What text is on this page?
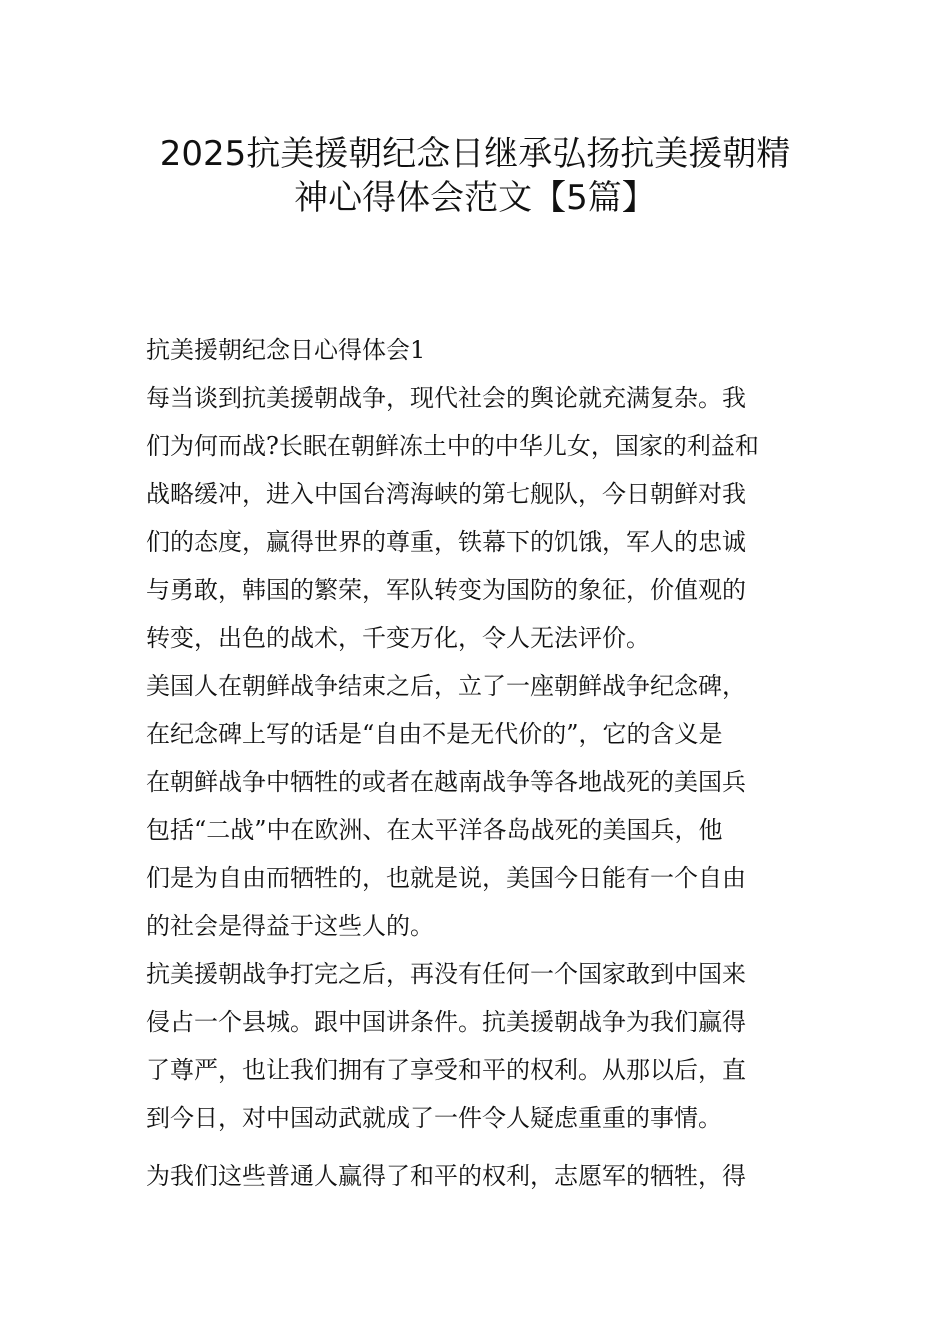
2025抗美援朝纪念日继承弘扬抗美援朝精
神心得体会范文【5篇】
抗美援朝纪念日心得体会1
每当谈到抗美援朝战争，现代社会的舆论就充满复杂。我
们为何而战?长眠在朝鲜冻土中的中华儿女，国家的利益和
战略缓冲，进入中国台湾海峡的第七舰队，今日朝鲜对我
们的态度，赢得世界的尊重，铁幕下的饥饿，军人的忠诚
与勇敢，韩国的繁荣，军队转变为国防的象征，价值观的
转变，出色的战术，千变万化，令人无法评价。
美国人在朝鲜战争结束之后，立了一座朝鲜战争纪念碑，
在纪念碑上写的话是“自由不是无代价的”，它的含义是
在朝鲜战争中牺牲的或者在越南战争等各地战死的美国兵
包括“二战”中在欧洲、在太平洋各岛战死的美国兵，他
们是为自由而牺牲的，也就是说，美国今日能有一个自由
的社会是得益于这些人的。
抗美援朝战争打完之后，再没有任何一个国家敢到中国来
侵占一个县城。跟中国讲条件。抗美援朝战争为我们赢得
了尊严，也让我们拥有了享受和平的权利。从那以后，直
到今日，对中国动武就成了一件令人疑虑重重的事情。
为我们这些普通人赢得了和平的权利，志愿军的牺牲，得
